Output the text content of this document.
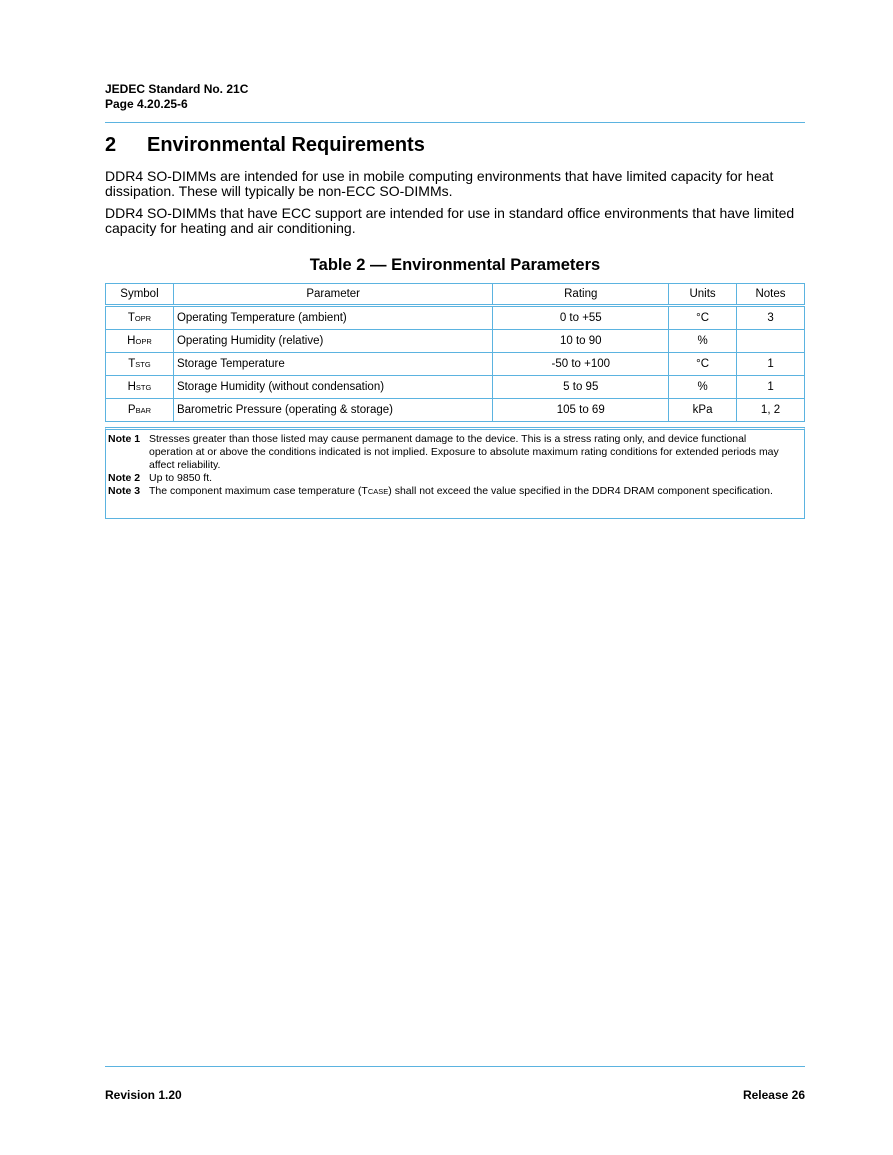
JEDEC Standard No. 21C
Page 4.20.25-6
2 Environmental Requirements
DDR4 SO-DIMMs are intended for use in mobile computing environments that have limited capacity for heat dissipation. These will typically be non-ECC SO-DIMMs.
DDR4 SO-DIMMs that have ECC support are intended for use in standard office environments that have limited capacity for heating and air conditioning.
Table 2 — Environmental Parameters
Symbol	Parameter	Rating	Units	Notes
TOPR	Operating Temperature (ambient)	0 to +55	°C	3
HOPR	Operating Humidity (relative)	10 to 90	%	
TSTG	Storage Temperature	-50 to +100	°C	1
HSTG	Storage Humidity (without condensation)	5 to 95	%	1
PBAR	Barometric Pressure (operating & storage)	105 to 69	kPa	1, 2
Note 1 Stresses greater than those listed may cause permanent damage to the device. This is a stress rating only, and device functional operation at or above the conditions indicated is not implied. Exposure to absolute maximum rating conditions for extended periods may affect reliability.
Note 2 Up to 9850 ft.
Note 3 The component maximum case temperature (TCASE) shall not exceed the value specified in the DDR4 DRAM component specification.
Revision 1.20	Release 26
